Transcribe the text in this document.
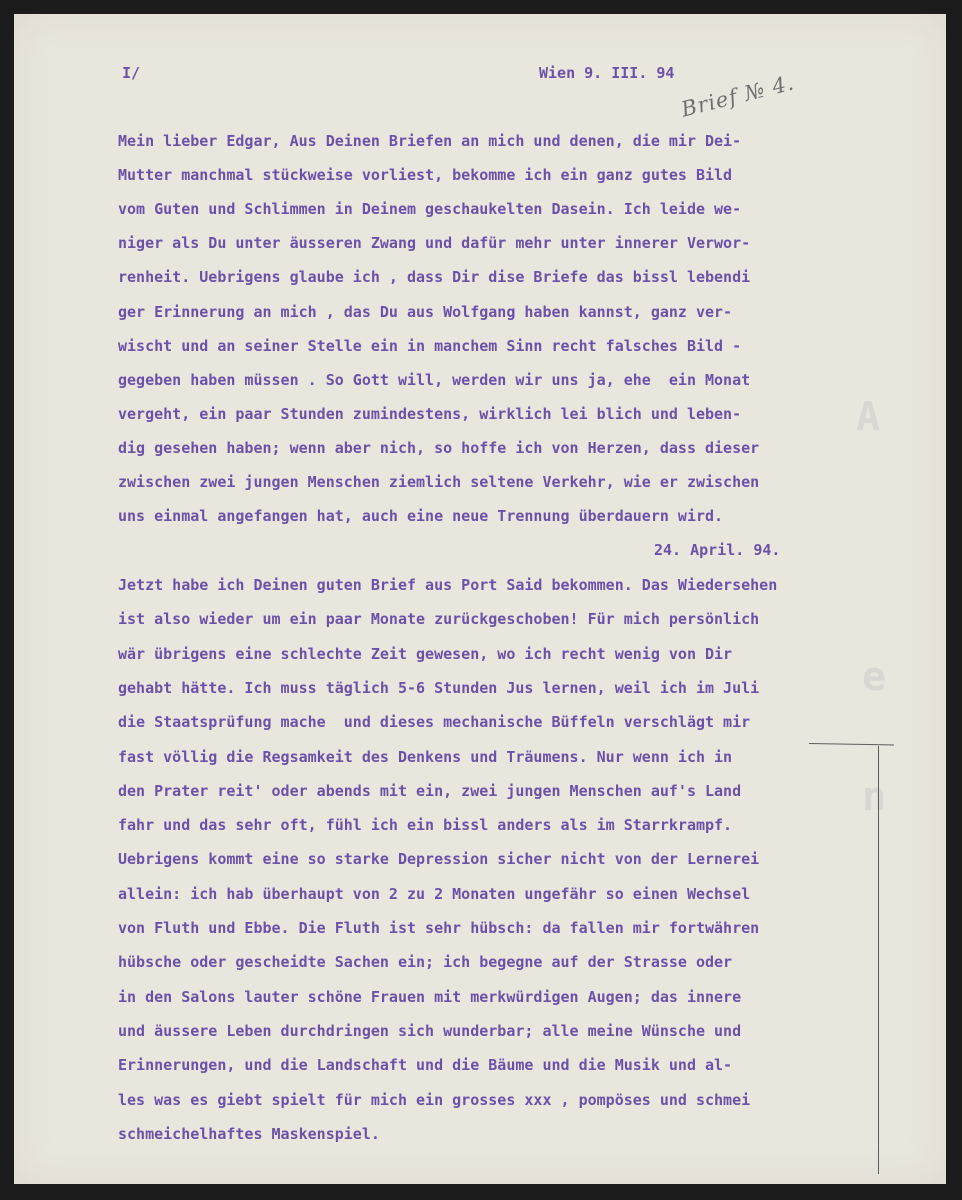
A
e
n
I/	Wien 9. III. 94 Brief № 4.
Mein lieber Edgar, Aus Deinen Briefen an mich und denen, die mir Dei-
Mutter manchmal stückweise vorliest, bekomme ich ein ganz gutes Bild
vom Guten und Schlimmen in Deinem geschaukelten Dasein. Ich leide we-
niger als Du unter äusseren Zwang und dafür mehr unter innerer Verwor-
renheit. Uebrigens glaube ich , dass Dir dise Briefe das bissl lebendi
ger Erinnerung an mich , das Du aus Wolfgang haben kannst, ganz ver-
wischt und an seiner Stelle ein in manchem Sinn recht falsches Bild -
gegeben haben müssen . So Gott will, werden wir uns ja, ehe  ein Monat
vergeht, ein paar Stunden zumindestens, wirklich lei blich und leben-
dig gesehen haben; wenn aber nich, so hoffe ich von Herzen, dass dieser
zwischen zwei jungen Menschen ziemlich seltene Verkehr, wie er zwischen
uns einmal angefangen hat, auch eine neue Trennung überdauern wird.
24. April. 94.
Jetzt habe ich Deinen guten Brief aus Port Said bekommen. Das Wiedersehen
ist also wieder um ein paar Monate zurückgeschoben! Für mich persönlich
wär übrigens eine schlechte Zeit gewesen, wo ich recht wenig von Dir
gehabt hätte. Ich muss täglich 5-6 Stunden Jus lernen, weil ich im Juli
die Staatsprüfung mache  und dieses mechanische Büffeln verschlägt mir
fast völlig die Regsamkeit des Denkens und Träumens. Nur wenn ich in
den Prater reit' oder abends mit ein, zwei jungen Menschen auf's Land
fahr und das sehr oft, fühl ich ein bissl anders als im Starrkrampf.
Uebrigens kommt eine so starke Depression sicher nicht von der Lernerei
allein: ich hab überhaupt von 2 zu 2 Monaten ungefähr so einen Wechsel
von Fluth und Ebbe. Die Fluth ist sehr hübsch: da fallen mir fortwähren
hübsche oder gescheidte Sachen ein; ich begegne auf der Strasse oder
in den Salons lauter schöne Frauen mit merkwürdigen Augen; das innere
und äussere Leben durchdringen sich wunderbar; alle meine Wünsche und
Erinnerungen, und die Landschaft und die Bäume und die Musik und al-
les was es giebt spielt für mich ein grosses xxx , pompöses und schmei
schmeichelhaftes Maskenspiel.
